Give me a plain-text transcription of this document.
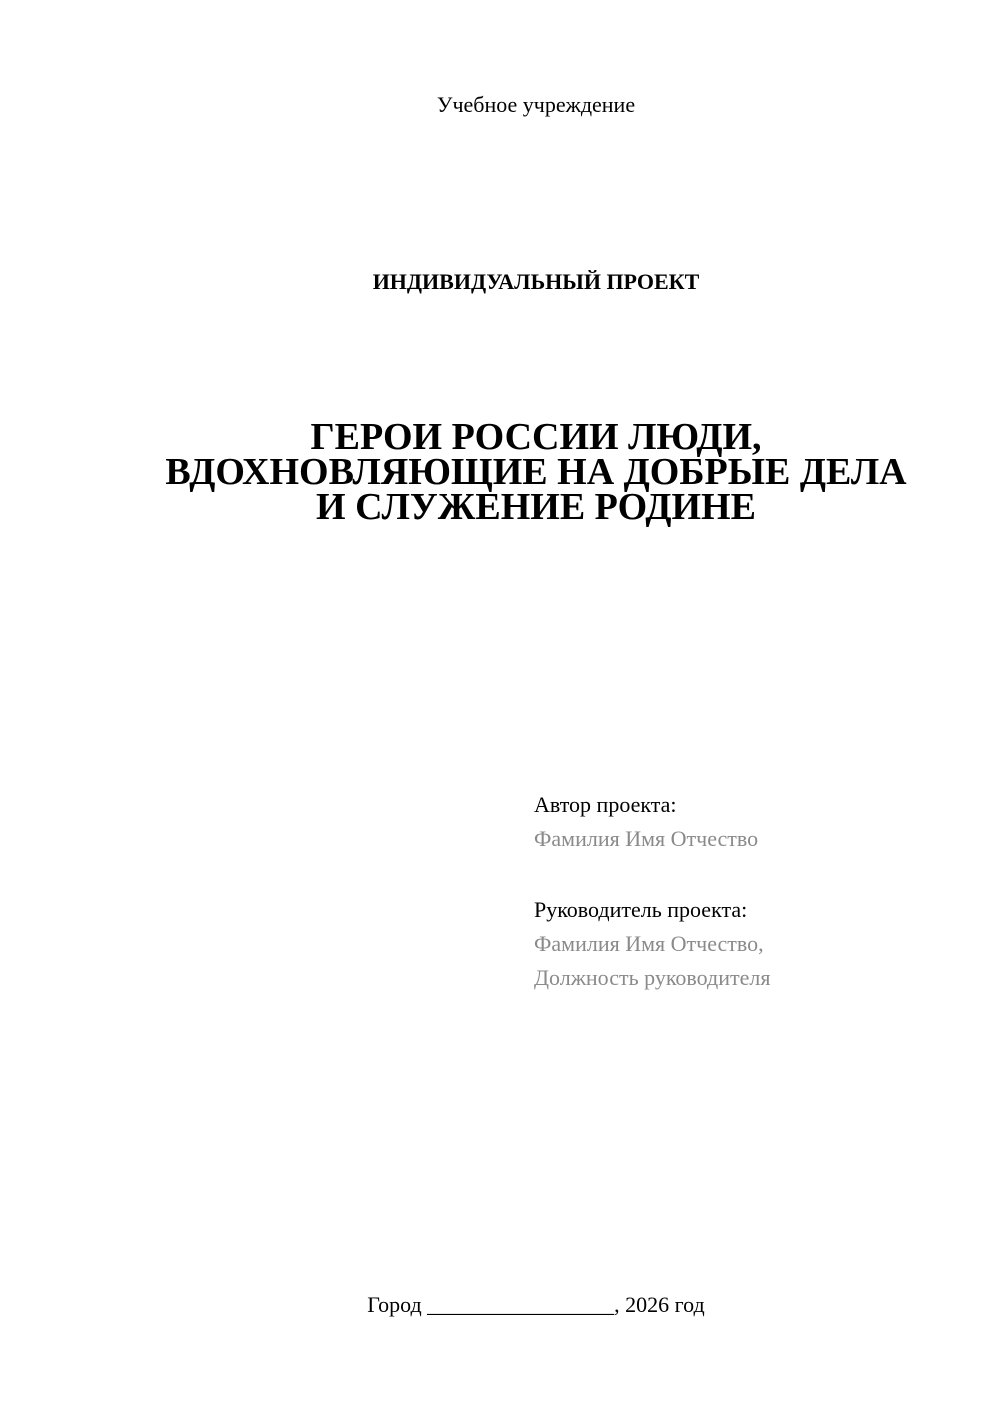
Учебное учреждение
ИНДИВИДУАЛЬНЫЙ ПРОЕКТ
ГЕРОИ РОССИИ ЛЮДИ,
ВДОХНОВЛЯЮЩИЕ НА ДОБРЫЕ ДЕЛА
И СЛУЖЕНИЕ РОДИНЕ
Автор проекта:
Фамилия Имя Отчество
Руководитель проекта:
Фамилия Имя Отчество,
Должность руководителя
Город _________________, 2026 год
